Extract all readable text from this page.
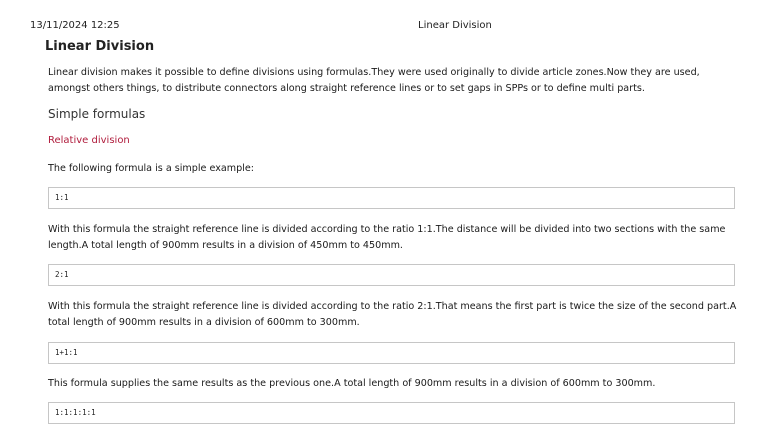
13/11/2024 12:25	Linear Division
Linear Division
Linear division makes it possible to define divisions using formulas.They were used originally to divide article zones.Now they are used, amongst others things, to distribute connectors along straight reference lines or to set gaps in SPPs or to define multi parts.
Simple formulas
Relative division
The following formula is a simple example:
1:1
With this formula the straight reference line is divided according to the ratio 1:1.The distance will be divided into two sections with the same length.A total length of 900mm results in a division of 450mm to 450mm.
2:1
With this formula the straight reference line is divided according to the ratio 2:1.That means the first part is twice the size of the second part.A total length of 900mm results in a division of 600mm to 300mm.
1+1:1
This formula supplies the same results as the previous one.A total length of 900mm results in a division of 600mm to 300mm.
1:1:1:1:1
